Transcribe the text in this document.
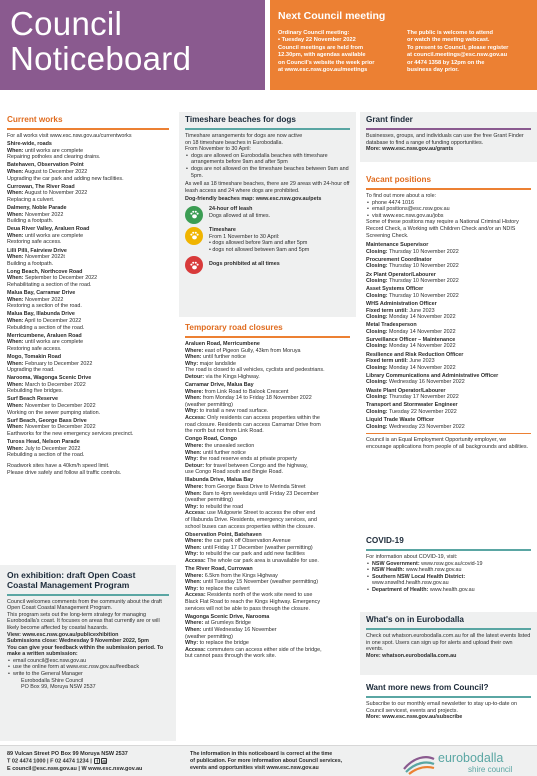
Council
Noticeboard
Next Council meeting
Ordinary Council meeting:
• Tuesday 22 November 2022
Council meetings are held from
12.30pm, with agendas available
on Council's website the week prior
at www.esc.nsw.gov.au/meetings
The public is welcome to attend
or watch the meeting webcast.
To present to Council, please register
at council.meetings@esc.nsw.gov.au
or 4474 1358 by 12pm on the
business day prior.
Current works
For all works visit www.esc.nsw.gov.au/currentworks
Shire-wide, roads
When: until works are complete
Repairing potholes and clearing drains.
Batehaven, Observation Point
When: August to December 2022
Upgrading the car park and adding new facilities.
Currowan, The River Road
When: August to November 2022
Replacing a culvert.
Dalmeny, Noble Parade
When: November 2022
Building a footpath.
Deua River Valley, Araluen Road
When: until works are complete
Restoring safe access.
Lilli Pilli, Fairview Drive
When: November 2022t
Building a footpath.
Long Beach, Northcove Road
When: September to December 2022
Rehabilitating a section of the road.
Malua Bay, Carramar Drive
When: November 2022
Restoring a section of the road.
Malua Bay, Illabunda Drive
When: April to December 2022
Rebuilding a section of the road.
Merricumbene, Araluen Road
When: until works are complete
Restoring safe access.
Mogo, Tomakin Road
When: February to December 2022
Upgrading the road.
Narooma, Wagonga Scenic Drive
When: March to December 2022
Rebuilding five bridges.
Surf Beach Reserve
When: November to December 2022
Working on the sewer pumping station.
Surf Beach, George Bass Drive
When: November to December 2022
Earthworks for the new emergency services precinct.
Tuross Head, Nelson Parade
When: July to December 2022
Rebuilding a section of the road.
Roadwork sites have a 40km/h speed limit.
Please drive safely and follow all traffic controls.
On exhibition: draft Open Coast
Coastal Management Program
Council welcomes comments from the community about the draft Open Coast Coastal Management Program.
This program sets out the long-term strategy for managing Eurobodalla's coast. It focuses on areas that currently are or will likely become affected by coastal hazards.
View: www.esc.nsw.gov.au/publicexhibition
Submissions close: Wednesday 9 November 2022, 5pm
You can give your feedback within the submission period. To make a written submission:
• email council@esc.nsw.gov.au
• use the online form at www.esc.nsw.gov.au/feedback
• write to the General Manager
Eurobodalla Shire Council
PO Box 99, Moruya NSW 2537
Timeshare beaches for dogs
Timeshare arrangements for dogs are now active
on 18 timeshare beaches in Eurobodalla.
From November to 30 April:
• dogs are allowed on Eurobodalla beaches with timeshare arrangements before 9am and after 5pm
• dogs are not allowed on the timeshare beaches between 9am and 5pm.
As well as 18 timeshare beaches, there are 29 areas with 24-hour off leash access and 24 where dogs are prohibited.
Dog-friendly beaches map: www.esc.nsw.gov.au/pets
24-hour off leash
Dogs allowed at all times.
Timeshare
From 1 November to 30 April:
• dogs allowed before 9am and after 5pm
• dogs not allowed between 9am and 5pm
Dogs prohibited at all times
Temporary road closures
Araluen Road, Merricumbene
Where: east of Pigeon Gully, 43km from Moruya
When: until further notice
Why: major landslide
The road is closed to all vehicles, cyclists and pedestrians.
Detour: via the Kings Highway.
Carramar Drive, Malua Bay
Where: from Link Road to Balook Crescent
When: from Monday 14 to Friday 18 November 2022
(weather permitting)
Why: to install a new road surface.
Access: Only residents can access properties within the
road closure. Residents can access Carramar Drive from
the north but not from Link Road.
Congo Road, Congo
Where: the unsealed section
When: until further notice
Why: the road reserve ends at private property
Detour: for travel between Congo and the highway,
use Congo Road south and Bingie Road.
Illabunda Drive, Malua Bay
Where: from George Bass Drive to Merinda Street
When: 8am to 4pm weekdays until Friday 23 December
(weather permitting)
Why: to rebuild the road
Access: use Mulgowrie Street to access the other end
of Illabunda Drive. Residents, emergency services, and
school buses can access properties within the closure.
Observation Point, Batehaven
Where: the car park off Observation Avenue
When: until Friday 17 December (weather permitting)
Why: to rebuild the car park and add new facilities
Access: The whole car park area is unavailable for use.
The River Road, Currowan
Where: 6.5km from the Kings Highway
When: until Tuesday 15 November (weather permitting)
Why: to replace the culvert
Access: Residents north of the work site need to use
Black Flat Road to reach the Kings Highway. Emergency
services will not be able to pass through the closure.
Wagonga Scenic Drive, Narooma
Where: at Grumleys Bridge
When: until Wednesday 16 November
(weather permitting)
Why: to replace the bridge
Access: commuters can access either side of the bridge,
but cannot pass through the work site.
Grant finder
Businesses, groups, and individuals can use the free Grant Finder database to find a range of funding opportunities.
More: www.esc.nsw.gov.au/grants
Vacant positions
To find out more about a role:
• phone 4474 1016
• email positions@esc.nsw.gov.au
• visit www.esc.nsw.gov.au/jobs
Some of these positions may require a National Criminal History Record Check, a Working with Children Check and/or an NDIS Screening Check.
Maintenance Supervisor
Closing: Thursday 10 November 2022
Procurement Coordinator
Closing: Thursday 10 November 2022
2x Plant Operator/Labourer
Closing: Thursday 10 November 2022
Asset Systems Officer
Closing: Thursday 10 November 2022
WHS Administration Officer
Fixed term until: June 2023
Closing: Monday 14 November 2022
Metal Tradesperson
Closing: Monday 14 November 2022
Surveillance Officer – Maintenance
Closing: Monday 14 November 2022
Resilience and Risk Reduction Officer
Fixed term until: June 2023
Closing: Monday 14 November 2022
Library Communications and Administrative Officer
Closing: Wednesday 16 November 2022
Waste Plant Operator/Labourer
Closing: Thursday 17 November 2022
Transport and Stormwater Engineer
Closing: Tuesday 22 November 2022
Liquid Trade Waste Officer
Closing: Wednesday 23 November 2022
Council is an Equal Employment Opportunity employer, we encourage applications from people of all backgrounds and abilities.
COVID-19
For information about COVID-19, visit:
• NSW Government: www.nsw.gov.au/covid-19
• NSW Health: www.health.nsw.gov.au
• Southern NSW Local Health District: www.snswlhd.health.nsw.gov.au
• Department of Health: www.health.gov.au
What's on in Eurobodalla
Check out whatson.eurobodalla.com.au for all the latest events listed in one spot. Users can sign up for alerts and upload their own events.
More: whatson.eurobodalla.com.au
Want more news from Council?
Subscribe to our monthly email newsletter to stay up-to-date on Council servicest, events and projects.
More: www.esc.nsw.gov.au/subscribe
89 Vulcan Street PO Box 99 Moruya NSW 2537
T 02 4474 1000 | F 02 4474 1234 | f ◎
E council@esc.nsw.gov.au | W www.esc.nsw.gov.au
The information in this noticeboard is correct at the time
of publication. For more information about Council services,
events and opportunities visit www.esc.nsw.gov.au
eurobodalla
shire council
